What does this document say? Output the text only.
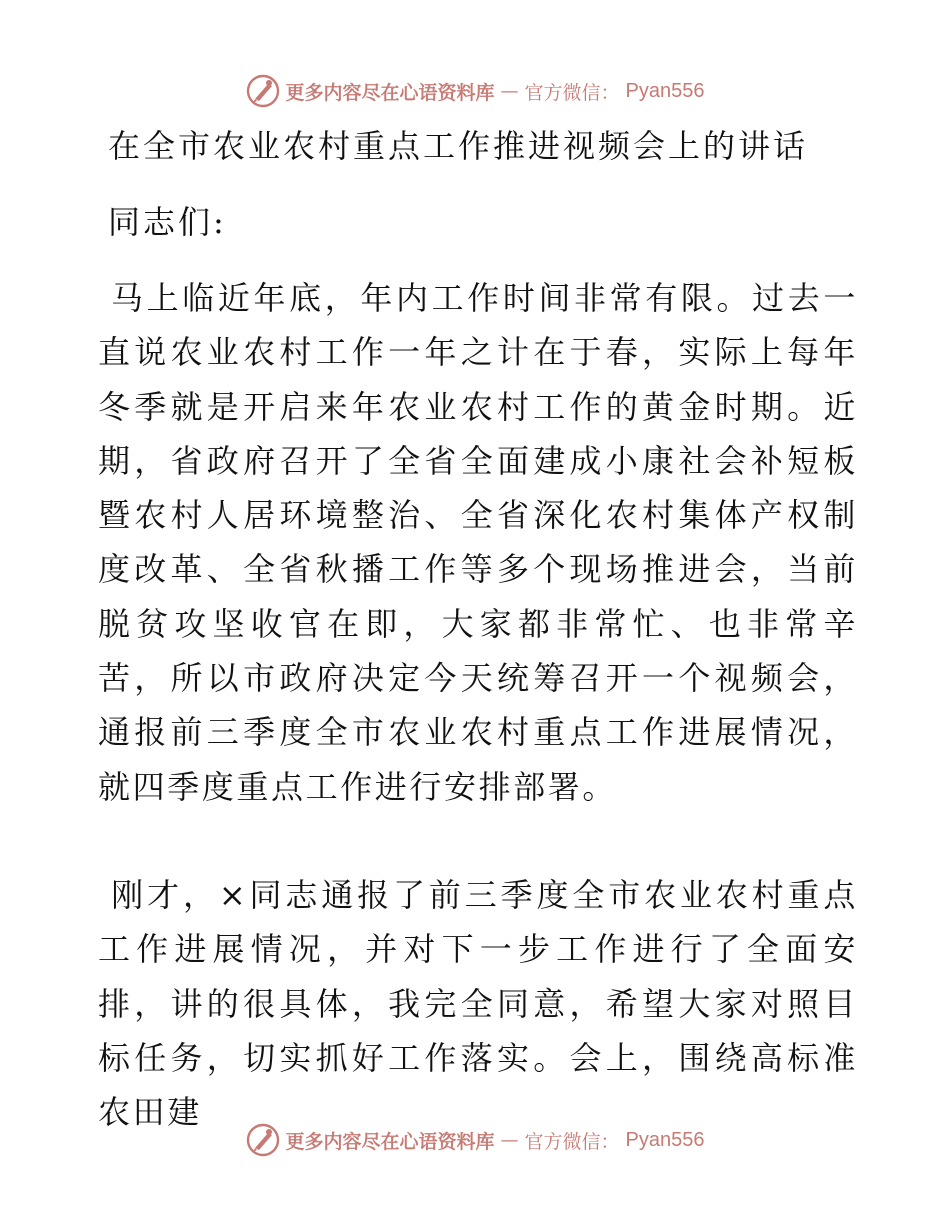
更多内容尽在心语资料库 — 官方微信： Pyan556
在全市农业农村重点工作推进视频会上的讲话
同志们:

马上临近年底，年内工作时间非常有限。过去一直说农业农村工作一年之计在于春，实际上每年冬季就是开启来年农业农村工作的黄金时期。近期，省政府召开了全省全面建成小康社会补短板暨农村人居环境整治、全省深化农村集体产权制度改革、全省秋播工作等多个现场推进会，当前脱贫攻坚收官在即，大家都非常忙、也非常辛苦，所以市政府决定今天统筹召开一个视频会，通报前三季度全市农业农村重点工作进展情况，就四季度重点工作进行安排部署。

刚才，×同志通报了前三季度全市农业农村重点工作进展情况，并对下一步工作进行了全面安排，讲的很具体，我完全同意，希望大家对照目标任务，切实抓好工作落实。会上，围绕高标准农田建

更多内容尽在心语资料库 — 官方微信： Pyan556
